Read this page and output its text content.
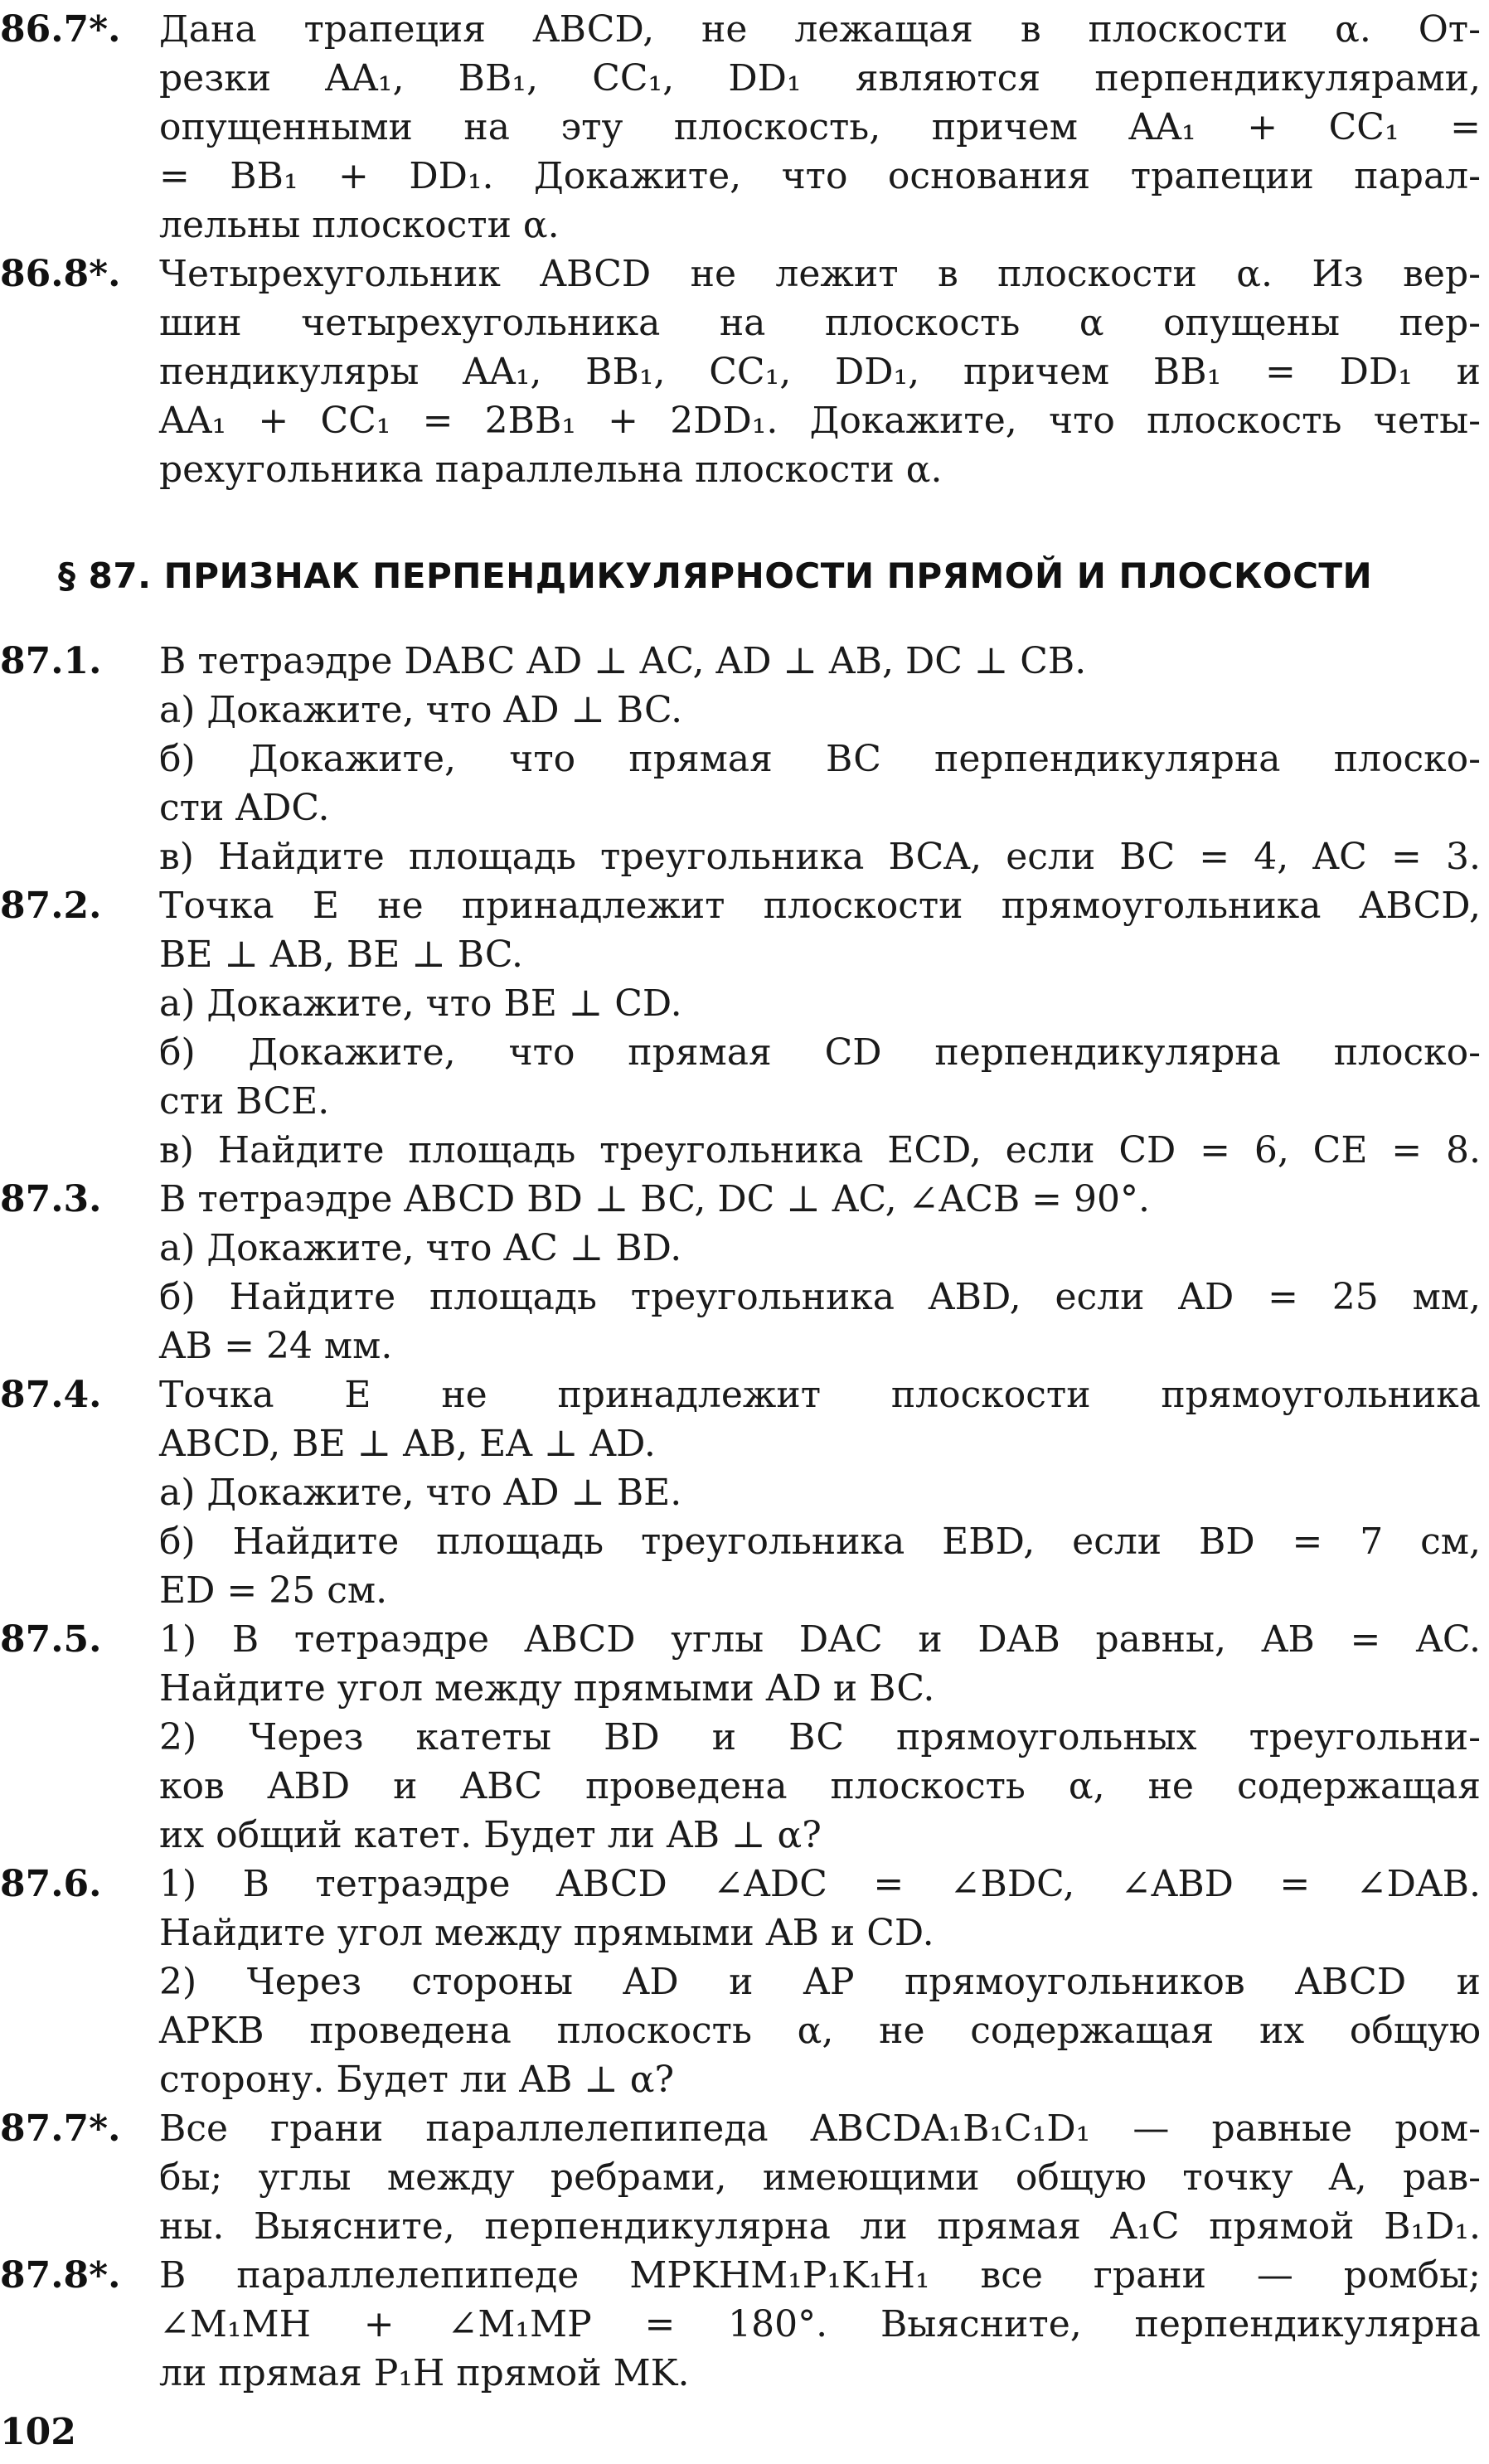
86.7*. Дана трапеция ABCD, не лежащая в плоскости α. От-
резки AA₁, BB₁, CC₁, DD₁ являются перпендикулярами,
опущенными на эту плоскость, причем AA₁ + CC₁ =
= BB₁ + DD₁. Докажите, что основания трапеции парал-
лельны плоскости α.
86.8*. Четырехугольник ABCD не лежит в плоскости α. Из вер-
шин четырехугольника на плоскость α опущены пер-
пендикуляры AA₁, BB₁, CC₁, DD₁, причем BB₁ = DD₁ и
AA₁ + CC₁ = 2BB₁ + 2DD₁. Докажите, что плоскость четы-
рехугольника параллельна плоскости α.
§ 87. ПРИЗНАК ПЕРПЕНДИКУЛЯРНОСТИ ПРЯМОЙ И ПЛОСКОСТИ
87.1. В тетраэдре DABC AD ⊥ AC, AD ⊥ AB, DC ⊥ CB.
а) Докажите, что AD ⊥ BC.
б) Докажите, что прямая BC перпендикулярна плоско-
сти ADC.
в) Найдите площадь треугольника BCA, если BC = 4, AC = 3.
87.2. Точка E не принадлежит плоскости прямоугольника ABCD,
BE ⊥ AB, BE ⊥ BC.
а) Докажите, что BE ⊥ CD.
б) Докажите, что прямая CD перпендикулярна плоско-
сти BCE.
в) Найдите площадь треугольника ECD, если CD = 6, CE = 8.
87.3. В тетраэдре ABCD BD ⊥ BC, DC ⊥ AC, ∠ACB = 90°.
а) Докажите, что AC ⊥ BD.
б) Найдите площадь треугольника ABD, если AD = 25 мм,
AB = 24 мм.
87.4. Точка E не принадлежит плоскости прямоугольника
ABCD, BE ⊥ AB, EA ⊥ AD.
а) Докажите, что AD ⊥ BE.
б) Найдите площадь треугольника EBD, если BD = 7 см,
ED = 25 см.
87.5. 1) В тетраэдре ABCD углы DAC и DAB равны, AB = AC.
Найдите угол между прямыми AD и BC.
2) Через катеты BD и BC прямоугольных треугольни-
ков ABD и ABC проведена плоскость α, не содержащая
их общий катет. Будет ли AB ⊥ α?
87.6. 1) В тетраэдре ABCD ∠ADC = ∠BDC, ∠ABD = ∠DAB.
Найдите угол между прямыми AB и CD.
2) Через стороны AD и AP прямоугольников ABCD и
APKB проведена плоскость α, не содержащая их общую
сторону. Будет ли AB ⊥ α?
87.7*. Все грани параллелепипеда ABCDA₁B₁C₁D₁ — равные ром-
бы; углы между ребрами, имеющими общую точку A, рав-
ны. Выясните, перпендикулярна ли прямая A₁C прямой B₁D₁.
87.8*. В параллелепипеде MPKHM₁P₁K₁H₁ все грани — ромбы;
∠M₁MH + ∠M₁MP = 180°. Выясните, перпендикулярна
ли прямая P₁H прямой MK.
102
